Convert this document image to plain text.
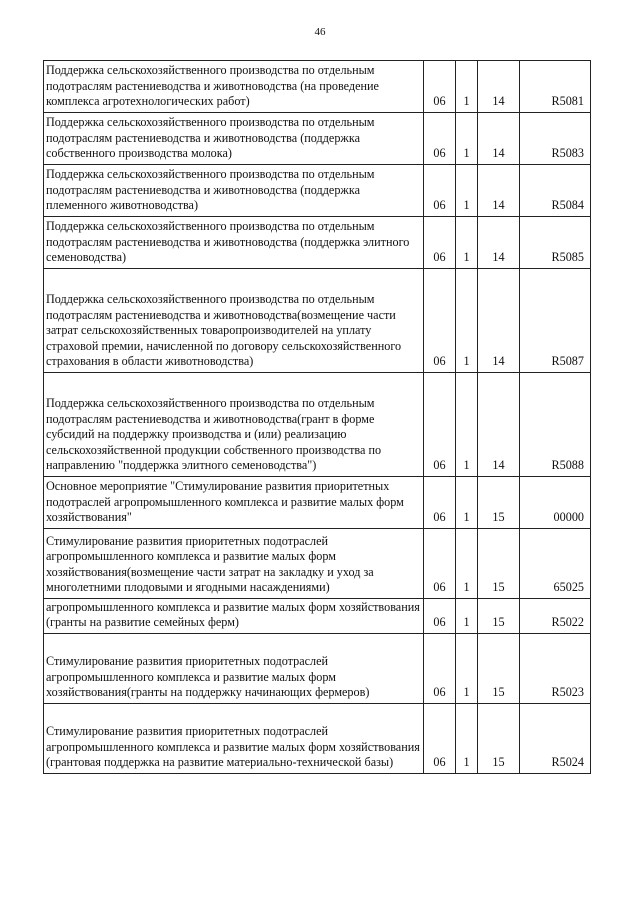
46
Поддержка сельскохозяйственного производства по отдельным подотраслям растениеводства и животноводства (на проведение комплекса агротехнологических работ)	06	1	14	R5081
Поддержка сельскохозяйственного производства по отдельным подотраслям растениеводства и животноводства (поддержка собственного производства молока)	06	1	14	R5083
Поддержка сельскохозяйственного производства по отдельным подотраслям растениеводства и животноводства (поддержка племенного животноводства)	06	1	14	R5084
Поддержка сельскохозяйственного производства по отдельным подотраслям растениеводства и животноводства (поддержка элитного семеноводства)	06	1	14	R5085
Поддержка сельскохозяйственного производства по отдельным подотраслям растениеводства и животноводства(возмещение части затрат сельскохозяйственных товаропроизводителей на уплату страховой премии, начисленной по договору сельскохозяйственного страхования в области животноводства)	06	1	14	R5087
Поддержка сельскохозяйственного производства по отдельным подотраслям растениеводства и животноводства(грант в форме субсидий на поддержку производства и (или) реализацию сельскохозяйственной продукции собственного производства по направлению "поддержка элитного семеноводства")	06	1	14	R5088
Основное мероприятие "Стимулирование развития приоритетных подотраслей агропромышленного комплекса и развитие малых форм хозяйствования"	06	1	15	00000
Стимулирование развития приоритетных подотраслей агропромышленного комплекса и развитие малых форм хозяйствования(возмещение части затрат на закладку и уход за многолетними плодовыми и ягодными насаждениями)	06	1	15	65025
агропромышленного комплекса и развитие малых форм хозяйствования (гранты на развитие семейных ферм)	06	1	15	R5022
Стимулирование развития приоритетных подотраслей агропромышленного комплекса и развитие малых форм хозяйствования(гранты на поддержку начинающих фермеров)	06	1	15	R5023
Стимулирование развития приоритетных подотраслей агропромышленного комплекса и развитие малых форм хозяйствования (грантовая поддержка на развитие материально-технической базы)	06	1	15	R5024
